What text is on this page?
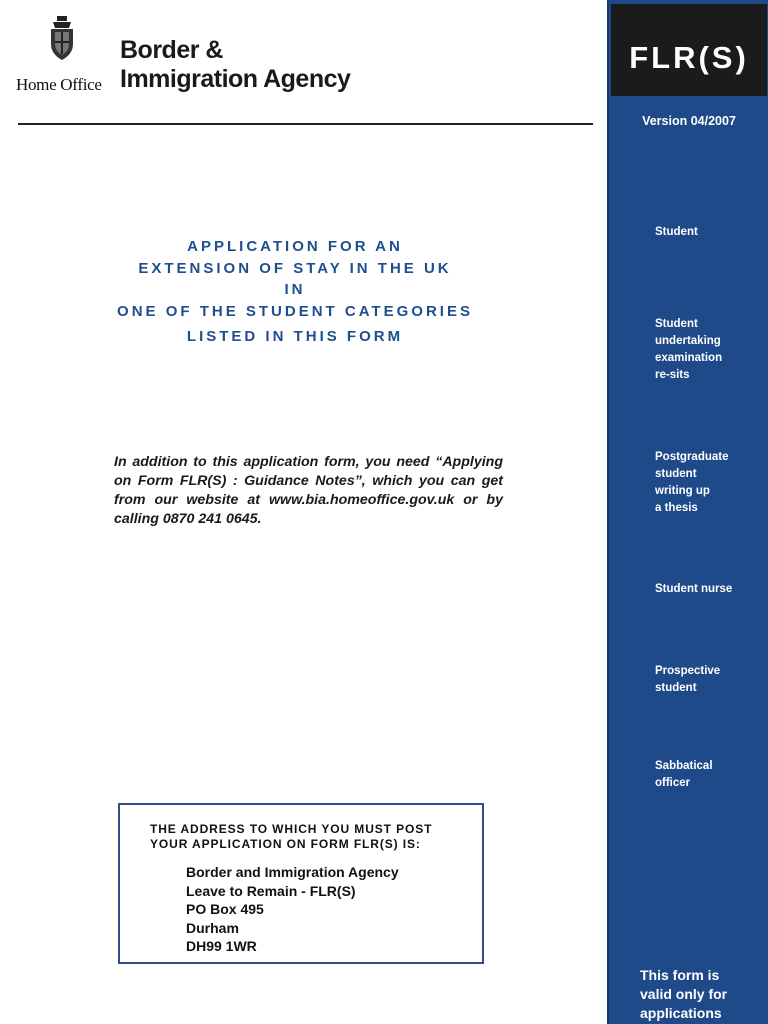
Home Office
Border &
Immigration Agency
APPLICATION FOR AN
EXTENSION OF STAY IN THE UK
IN
ONE OF THE STUDENT CATEGORIES
LISTED IN THIS FORM
In addition to this application form, you need “Applying on Form FLR(S) : Guidance Notes”, which you can get from our website at www.bia.homeoffice.gov.uk or by calling 0870 241 0645.
THE ADDRESS TO WHICH YOU MUST POST
YOUR APPLICATION ON FORM FLR(S) IS:
Border and Immigration Agency
Leave to Remain - FLR(S)
PO Box 495
Durham
DH99 1WR
FLR(S)
Version 04/2007
Student
Student
undertaking
examination
re-sits
Postgraduate
student
writing up
a thesis
Student nurse
Prospective
student
Sabbatical
officer
This form is
valid only for
applications
